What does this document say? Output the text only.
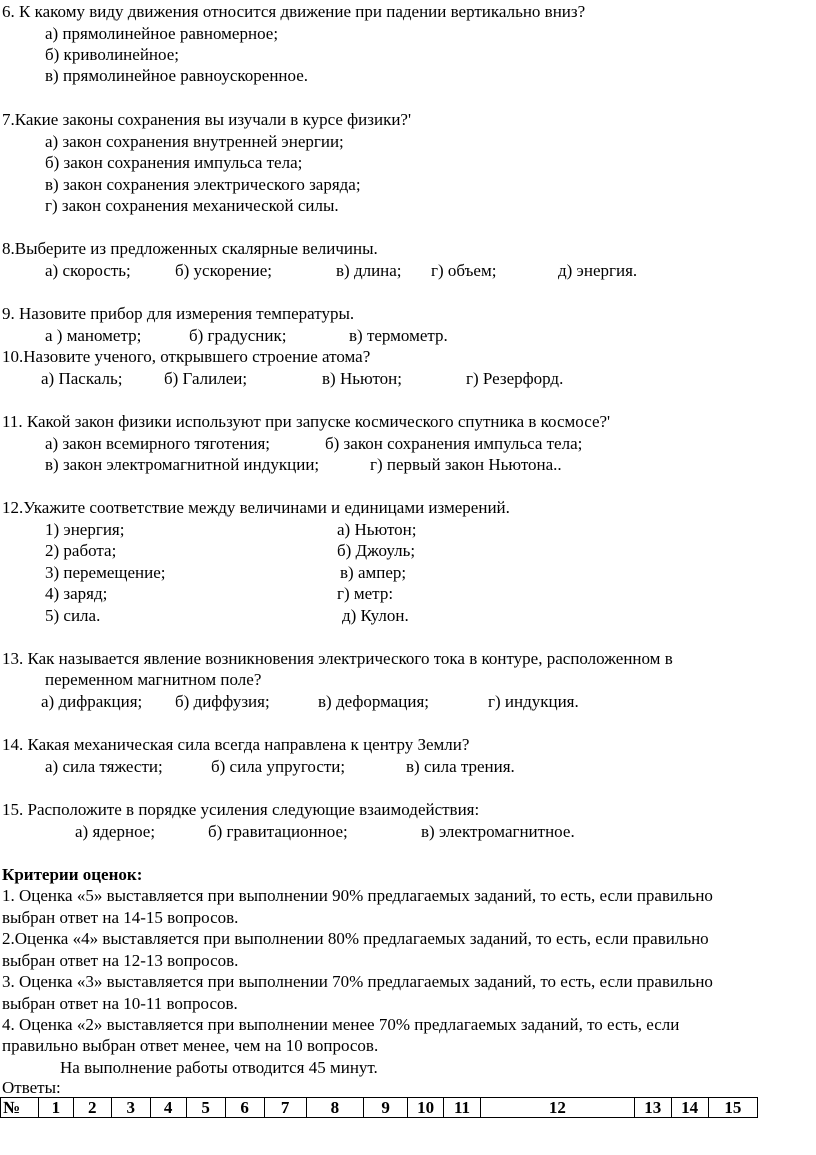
6. К какому виду движения относится движение при падении вертикально вниз?
а) прямолинейное равномерное;
б) криволинейное;
в) прямолинейное равноускоренное.
7.Какие законы сохранения вы изучали в курсе физики?'
а) закон сохранения внутренней энергии;
б) закон сохранения импульса тела;
в) закон сохранения электрического заряда;
г) закон сохранения механической силы.
8.Выберите из предложенных скалярные величины.
а) скорость;	б) ускорение;	в) длина; г) объем;	д) энергия.
9. Назовите прибор для измерения температуры.
а ) манометр;	б) градусник;	в) термометр.
10.Назовите ученого, открывшего строение атома?
а) Паскаль; б) Галилеи;	в) Ньютон;	г) Резерфорд.
11. Какой закон физики используют при запуске космического спутника в космосе?'
а) закон всемирного тяготения;	б) закон сохранения импульса тела;
в) закон электромагнитной индукции;	г) первый закон Ньютона..
12.Укажите соответствие между величинами и единицами измерений.
1) энергия;	а) Ньютон;
2) работа;	б) Джоуль;
3) перемещение;	в) ампер;
4) заряд;	г) метр:
5) сила.	д) Кулон.
13. Как называется явление возникновения электрического тока в контуре, расположенном в
переменном магнитном поле?
а) дифракция; б) диффузия;	в) деформация;	г) индукция.
14. Какая механическая сила всегда направлена к центру Земли?
а) сила тяжести;	б) сила упругости;	в) сила трения.
15. Расположите в порядке усиления следующие взаимодействия:
а) ядерное;	б) гравитационное;	в) электромагнитное.
Критерии оценок:
1. Оценка «5» выставляется при выполнении 90% предлагаемых заданий, то есть, если правильно
выбран ответ на 14-15 вопросов.
2.Оценка «4» выставляется при выполнении 80% предлагаемых заданий, то есть, если правильно
выбран ответ на 12-13 вопросов.
3. Оценка «3» выставляется при выполнении 70% предлагаемых заданий, то есть, если правильно
выбран ответ на 10-11 вопросов.
4. Оценка «2» выставляется при выполнении менее 70% предлагаемых заданий, то есть, если
правильно выбран ответ менее, чем на 10 вопросов.
На выполнение работы отводится 45 минут.
Ответы:
№	1	2	3	4	5	6	7	8	9	10	11	12	13	14	15
